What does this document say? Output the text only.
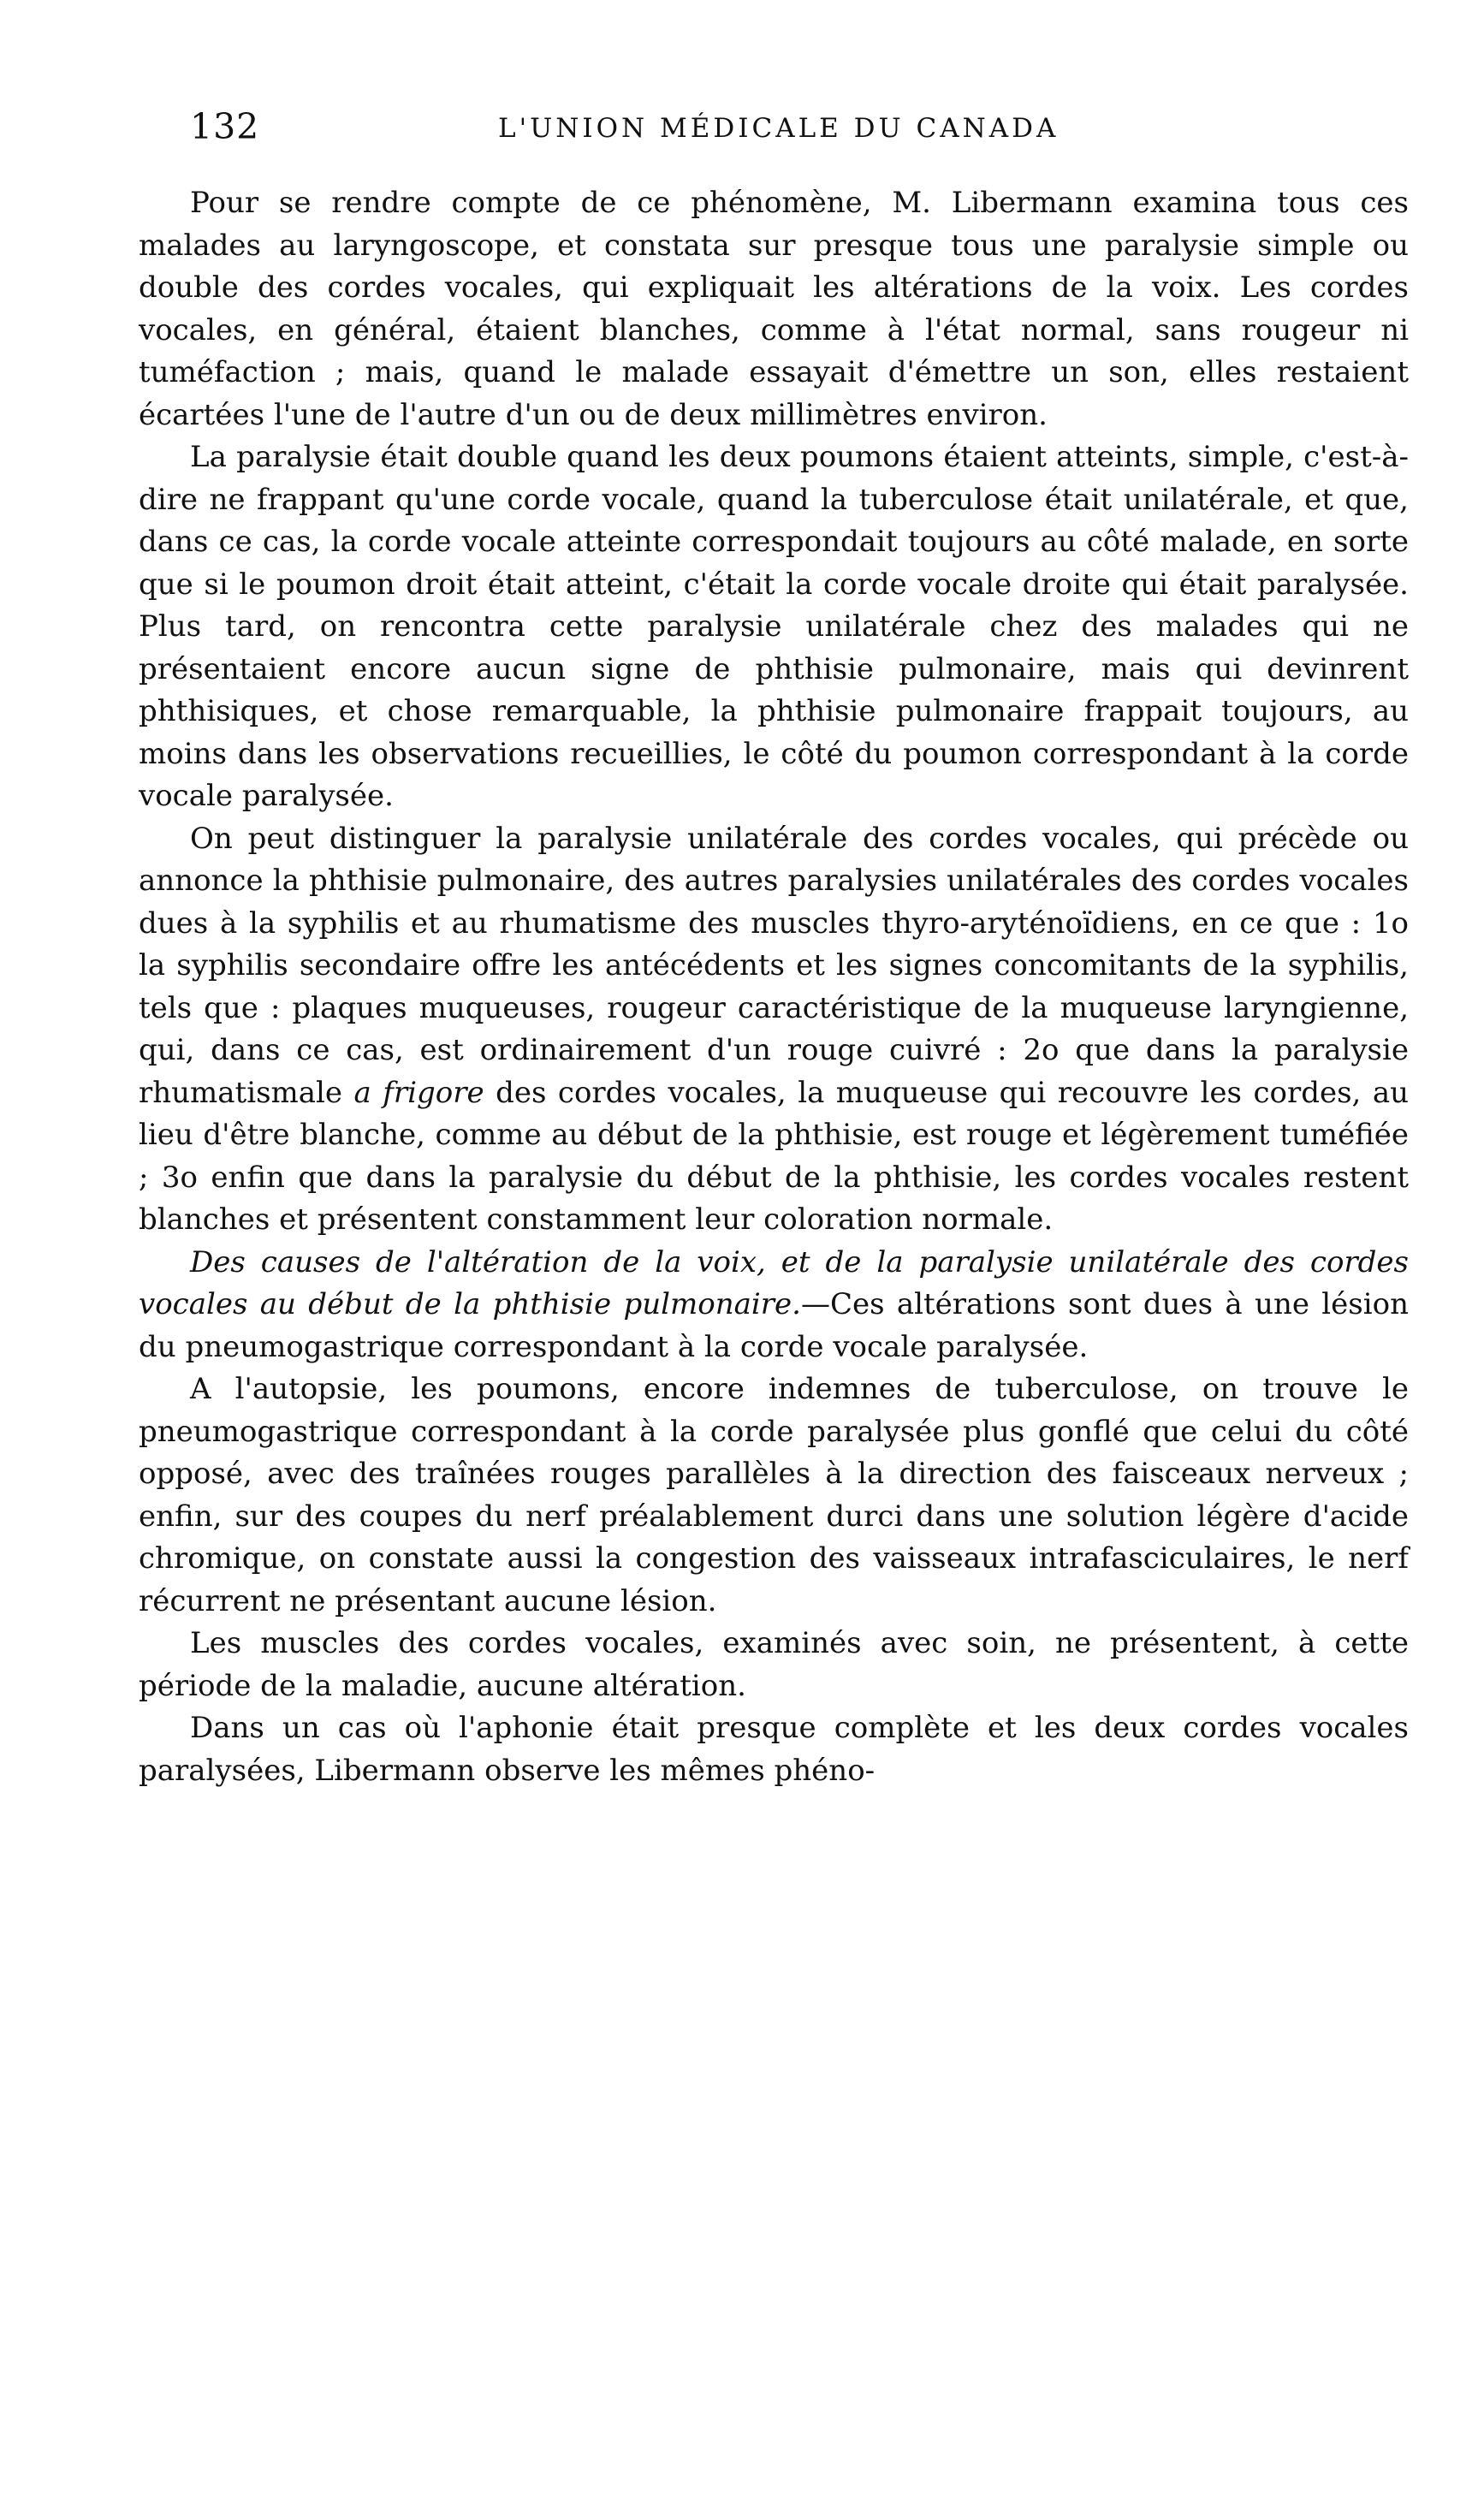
132	L'UNION MÉDICALE DU CANADA

Pour se rendre compte de ce phénomène, M. Libermann examina tous ces malades au laryngoscope, et constata sur presque tous une paralysie simple ou double des cordes vocales, qui expliquait les altérations de la voix. Les cordes vocales, en général, étaient blanches, comme à l'état normal, sans rougeur ni tuméfaction ; mais, quand le malade essayait d'émettre un son, elles restaient écartées l'une de l'autre d'un ou de deux millimètres environ.

La paralysie était double quand les deux poumons étaient atteints, simple, c'est-à-dire ne frappant qu'une corde vocale, quand la tuberculose était unilatérale, et que, dans ce cas, la corde vocale atteinte correspondait toujours au côté malade, en sorte que si le poumon droit était atteint, c'était la corde vocale droite qui était paralysée. Plus tard, on rencontra cette paralysie unilatérale chez des malades qui ne présentaient encore aucun signe de phthisie pulmonaire, mais qui devinrent phthisiques, et chose remarquable, la phthisie pulmonaire frappait toujours, au moins dans les observations recueillies, le côté du poumon correspondant à la corde vocale paralysée.

On peut distinguer la paralysie unilatérale des cordes vocales, qui précède ou annonce la phthisie pulmonaire, des autres paralysies unilatérales des cordes vocales dues à la syphilis et au rhumatisme des muscles thyro-aryténoïdiens, en ce que : 1o la syphilis secondaire offre les antécédents et les signes concomitants de la syphilis, tels que : plaques muqueuses, rougeur caractéristique de la muqueuse laryngienne, qui, dans ce cas, est ordinairement d'un rouge cuivré : 2o que dans la paralysie rhumatismale a frigore des cordes vocales, la muqueuse qui recouvre les cordes, au lieu d'être blanche, comme au début de la phthisie, est rouge et légèrement tuméfiée ; 3o enfin que dans la paralysie du début de la phthisie, les cordes vocales restent blanches et présentent constamment leur coloration normale.

Des causes de l'altération de la voix, et de la paralysie unilatérale des cordes vocales au début de la phthisie pulmonaire.—Ces altérations sont dues à une lésion du pneumogastrique correspondant à la corde vocale paralysée.

A l'autopsie, les poumons, encore indemnes de tuberculose, on trouve le pneumogastrique correspondant à la corde paralysée plus gonflé que celui du côté opposé, avec des traînées rouges parallèles à la direction des faisceaux nerveux ; enfin, sur des coupes du nerf préalablement durci dans une solution légère d'acide chromique, on constate aussi la congestion des vaisseaux intrafasciculaires, le nerf récurrent ne présentant aucune lésion.

Les muscles des cordes vocales, examinés avec soin, ne présentent, à cette période de la maladie, aucune altération.

Dans un cas où l'aphonie était presque complète et les deux cordes vocales paralysées, Libermann observe les mêmes phéno-
